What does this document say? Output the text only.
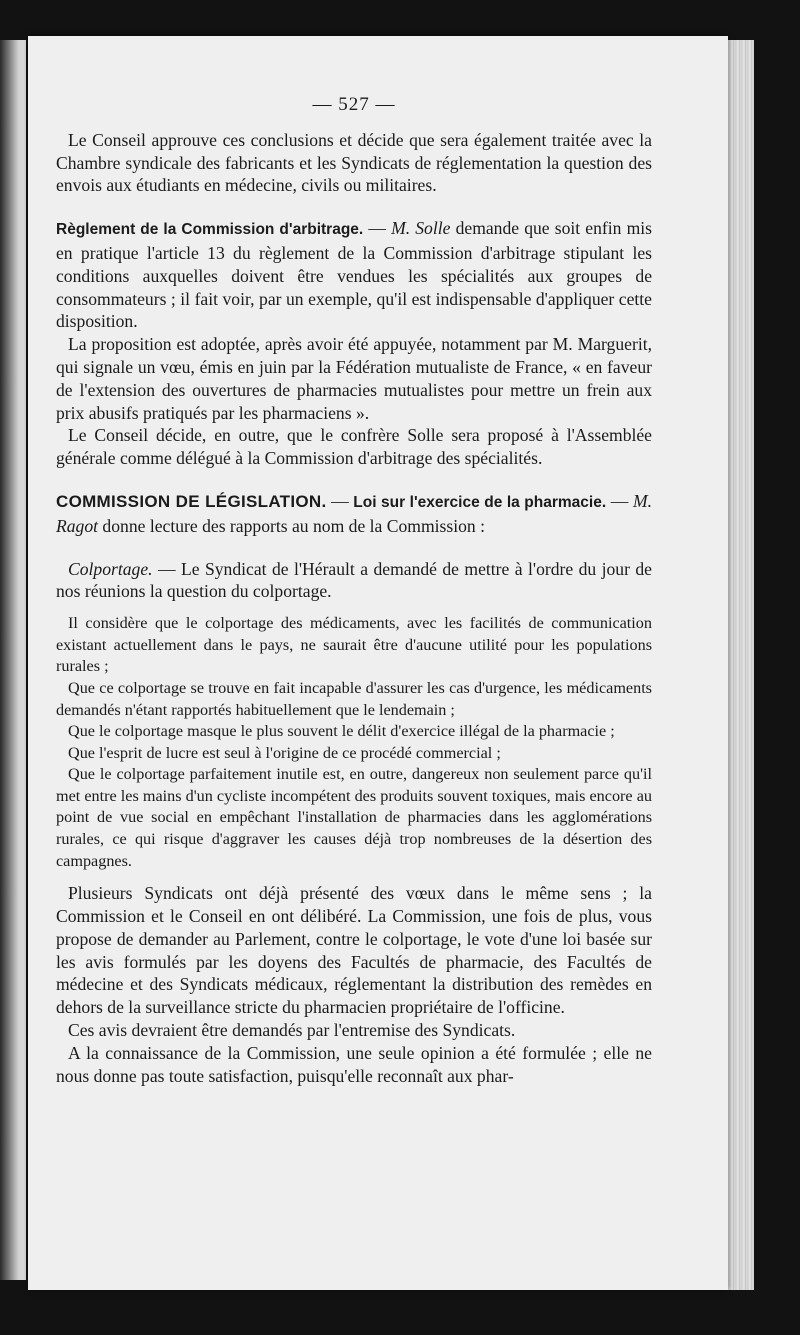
— 527 —

Le Conseil approuve ces conclusions et décide que sera également traitée avec la Chambre syndicale des fabricants et les Syndicats de réglementation la question des envois aux étudiants en médecine, civils ou militaires.

Règlement de la Commission d'arbitrage. — M. Solle demande que soit enfin mis en pratique l'article 13 du règlement de la Commission d'arbitrage stipulant les conditions auxquelles doivent être vendues les spécialités aux groupes de consommateurs ; il fait voir, par un exemple, qu'il est indispensable d'appliquer cette disposition.

La proposition est adoptée, après avoir été appuyée, notamment par M. Marguerit, qui signale un vœu, émis en juin par la Fédération mutualiste de France, « en faveur de l'extension des ouvertures de pharmacies mutualistes pour mettre un frein aux prix abusifs pratiqués par les pharmaciens ».

Le Conseil décide, en outre, que le confrère Solle sera proposé à l'Assemblée générale comme délégué à la Commission d'arbitrage des spécialités.

COMMISSION DE LÉGISLATION. — Loi sur l'exercice de la pharmacie. — M. Ragot donne lecture des rapports au nom de la Commission :

Colportage. — Le Syndicat de l'Hérault a demandé de mettre à l'ordre du jour de nos réunions la question du colportage.

Il considère que le colportage des médicaments, avec les facilités de communication existant actuellement dans le pays, ne saurait être d'aucune utilité pour les populations rurales ;

Que ce colportage se trouve en fait incapable d'assurer les cas d'urgence, les médicaments demandés n'étant rapportés habituellement que le lendemain ;

Que le colportage masque le plus souvent le délit d'exercice illégal de la pharmacie ;

Que l'esprit de lucre est seul à l'origine de ce procédé commercial ;

Que le colportage parfaitement inutile est, en outre, dangereux non seulement parce qu'il met entre les mains d'un cycliste incompétent des produits souvent toxiques, mais encore au point de vue social en empêchant l'installation de pharmacies dans les agglomérations rurales, ce qui risque d'aggraver les causes déjà trop nombreuses de la désertion des campagnes.

Plusieurs Syndicats ont déjà présenté des vœux dans le même sens ; la Commission et le Conseil en ont délibéré. La Commission, une fois de plus, vous propose de demander au Parlement, contre le colportage, le vote d'une loi basée sur les avis formulés par les doyens des Facultés de pharmacie, des Facultés de médecine et des Syndicats médicaux, réglementant la distribution des remèdes en dehors de la surveillance stricte du pharmacien propriétaire de l'officine.

Ces avis devraient être demandés par l'entremise des Syndicats.

A la connaissance de la Commission, une seule opinion a été formulée ; elle ne nous donne pas toute satisfaction, puisqu'elle reconnaît aux phar-
